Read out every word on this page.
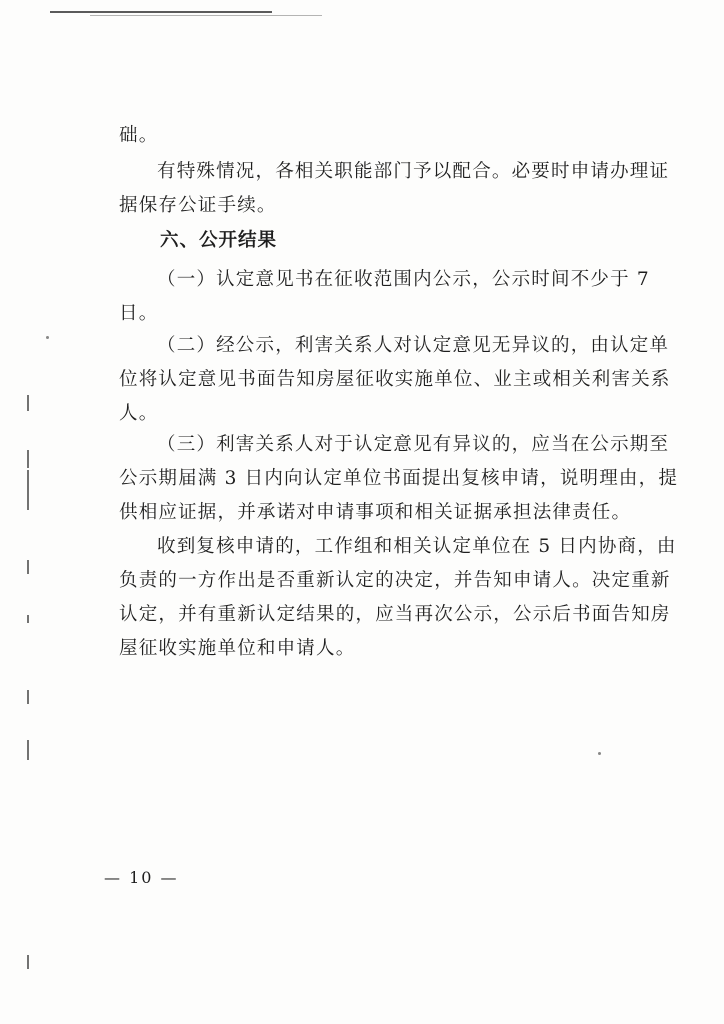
础。
有特殊情况，各相关职能部门予以配合。必要时申请办理证
据保存公证手续。
六、公开结果
（一）认定意见书在征收范围内公示，公示时间不少于 7
日。
（二）经公示，利害关系人对认定意见无异议的，由认定单
位将认定意见书面告知房屋征收实施单位、业主或相关利害关系
人。
（三）利害关系人对于认定意见有异议的，应当在公示期至
公示期届满 3 日内向认定单位书面提出复核申请，说明理由，提
供相应证据，并承诺对申请事项和相关证据承担法律责任。
收到复核申请的，工作组和相关认定单位在 5 日内协商，由
负责的一方作出是否重新认定的决定，并告知申请人。决定重新
认定，并有重新认定结果的，应当再次公示，公示后书面告知房
屋征收实施单位和申请人。
— 10 —
